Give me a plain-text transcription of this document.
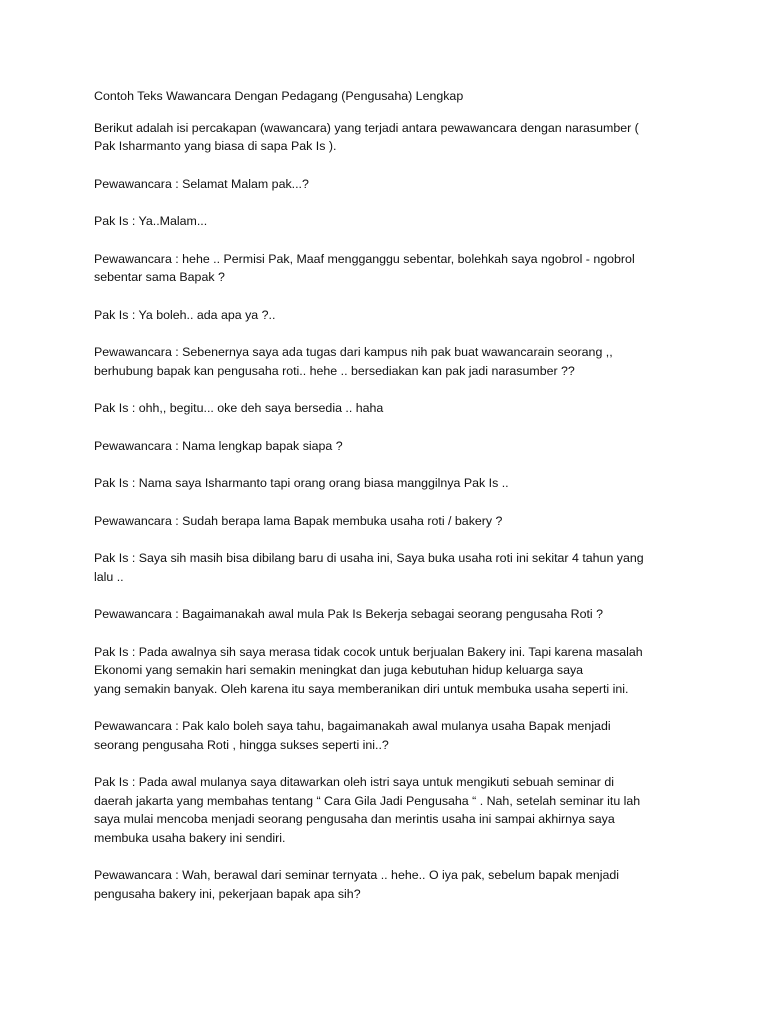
Contoh Teks Wawancara Dengan Pedagang (Pengusaha) Lengkap
Berikut adalah isi percakapan (wawancara) yang terjadi antara pewawancara dengan narasumber (
Pak Isharmanto yang biasa di sapa Pak Is ).
Pewawancara : Selamat Malam pak...?
Pak Is : Ya..Malam...
Pewawancara : hehe .. Permisi Pak, Maaf mengganggu sebentar, bolehkah saya ngobrol - ngobrol
sebentar sama Bapak ?
Pak Is : Ya boleh.. ada apa ya ?..
Pewawancara : Sebenernya saya ada tugas dari kampus nih pak buat wawancarain seorang ,,
berhubung bapak kan pengusaha roti.. hehe .. bersediakan kan pak jadi narasumber ??
Pak Is : ohh,, begitu... oke deh saya bersedia .. haha
Pewawancara : Nama lengkap bapak siapa ?
Pak Is : Nama saya Isharmanto tapi orang orang biasa manggilnya Pak Is ..
Pewawancara : Sudah berapa lama Bapak membuka usaha roti / bakery ?
Pak Is : Saya sih masih bisa dibilang baru di usaha ini, Saya buka usaha roti ini sekitar 4 tahun yang
lalu ..
Pewawancara : Bagaimanakah awal mula Pak Is Bekerja sebagai seorang pengusaha Roti ?
Pak Is : Pada awalnya sih saya merasa tidak cocok untuk berjualan Bakery ini. Tapi karena masalah
Ekonomi yang semakin hari semakin meningkat dan juga kebutuhan hidup keluarga saya
yang semakin banyak. Oleh karena itu saya memberanikan diri untuk membuka usaha seperti ini.
Pewawancara : Pak kalo boleh saya tahu, bagaimanakah awal mulanya usaha Bapak menjadi
seorang pengusaha Roti , hingga sukses seperti ini..?
Pak Is : Pada awal mulanya saya ditawarkan oleh istri saya untuk mengikuti sebuah seminar di
daerah jakarta yang membahas tentang “ Cara Gila Jadi Pengusaha “ . Nah, setelah seminar itu lah
saya mulai mencoba menjadi seorang pengusaha dan merintis usaha ini sampai akhirnya saya
membuka usaha bakery ini sendiri.
Pewawancara : Wah, berawal dari seminar ternyata .. hehe.. O iya pak, sebelum bapak menjadi
pengusaha bakery ini, pekerjaan bapak apa sih?
